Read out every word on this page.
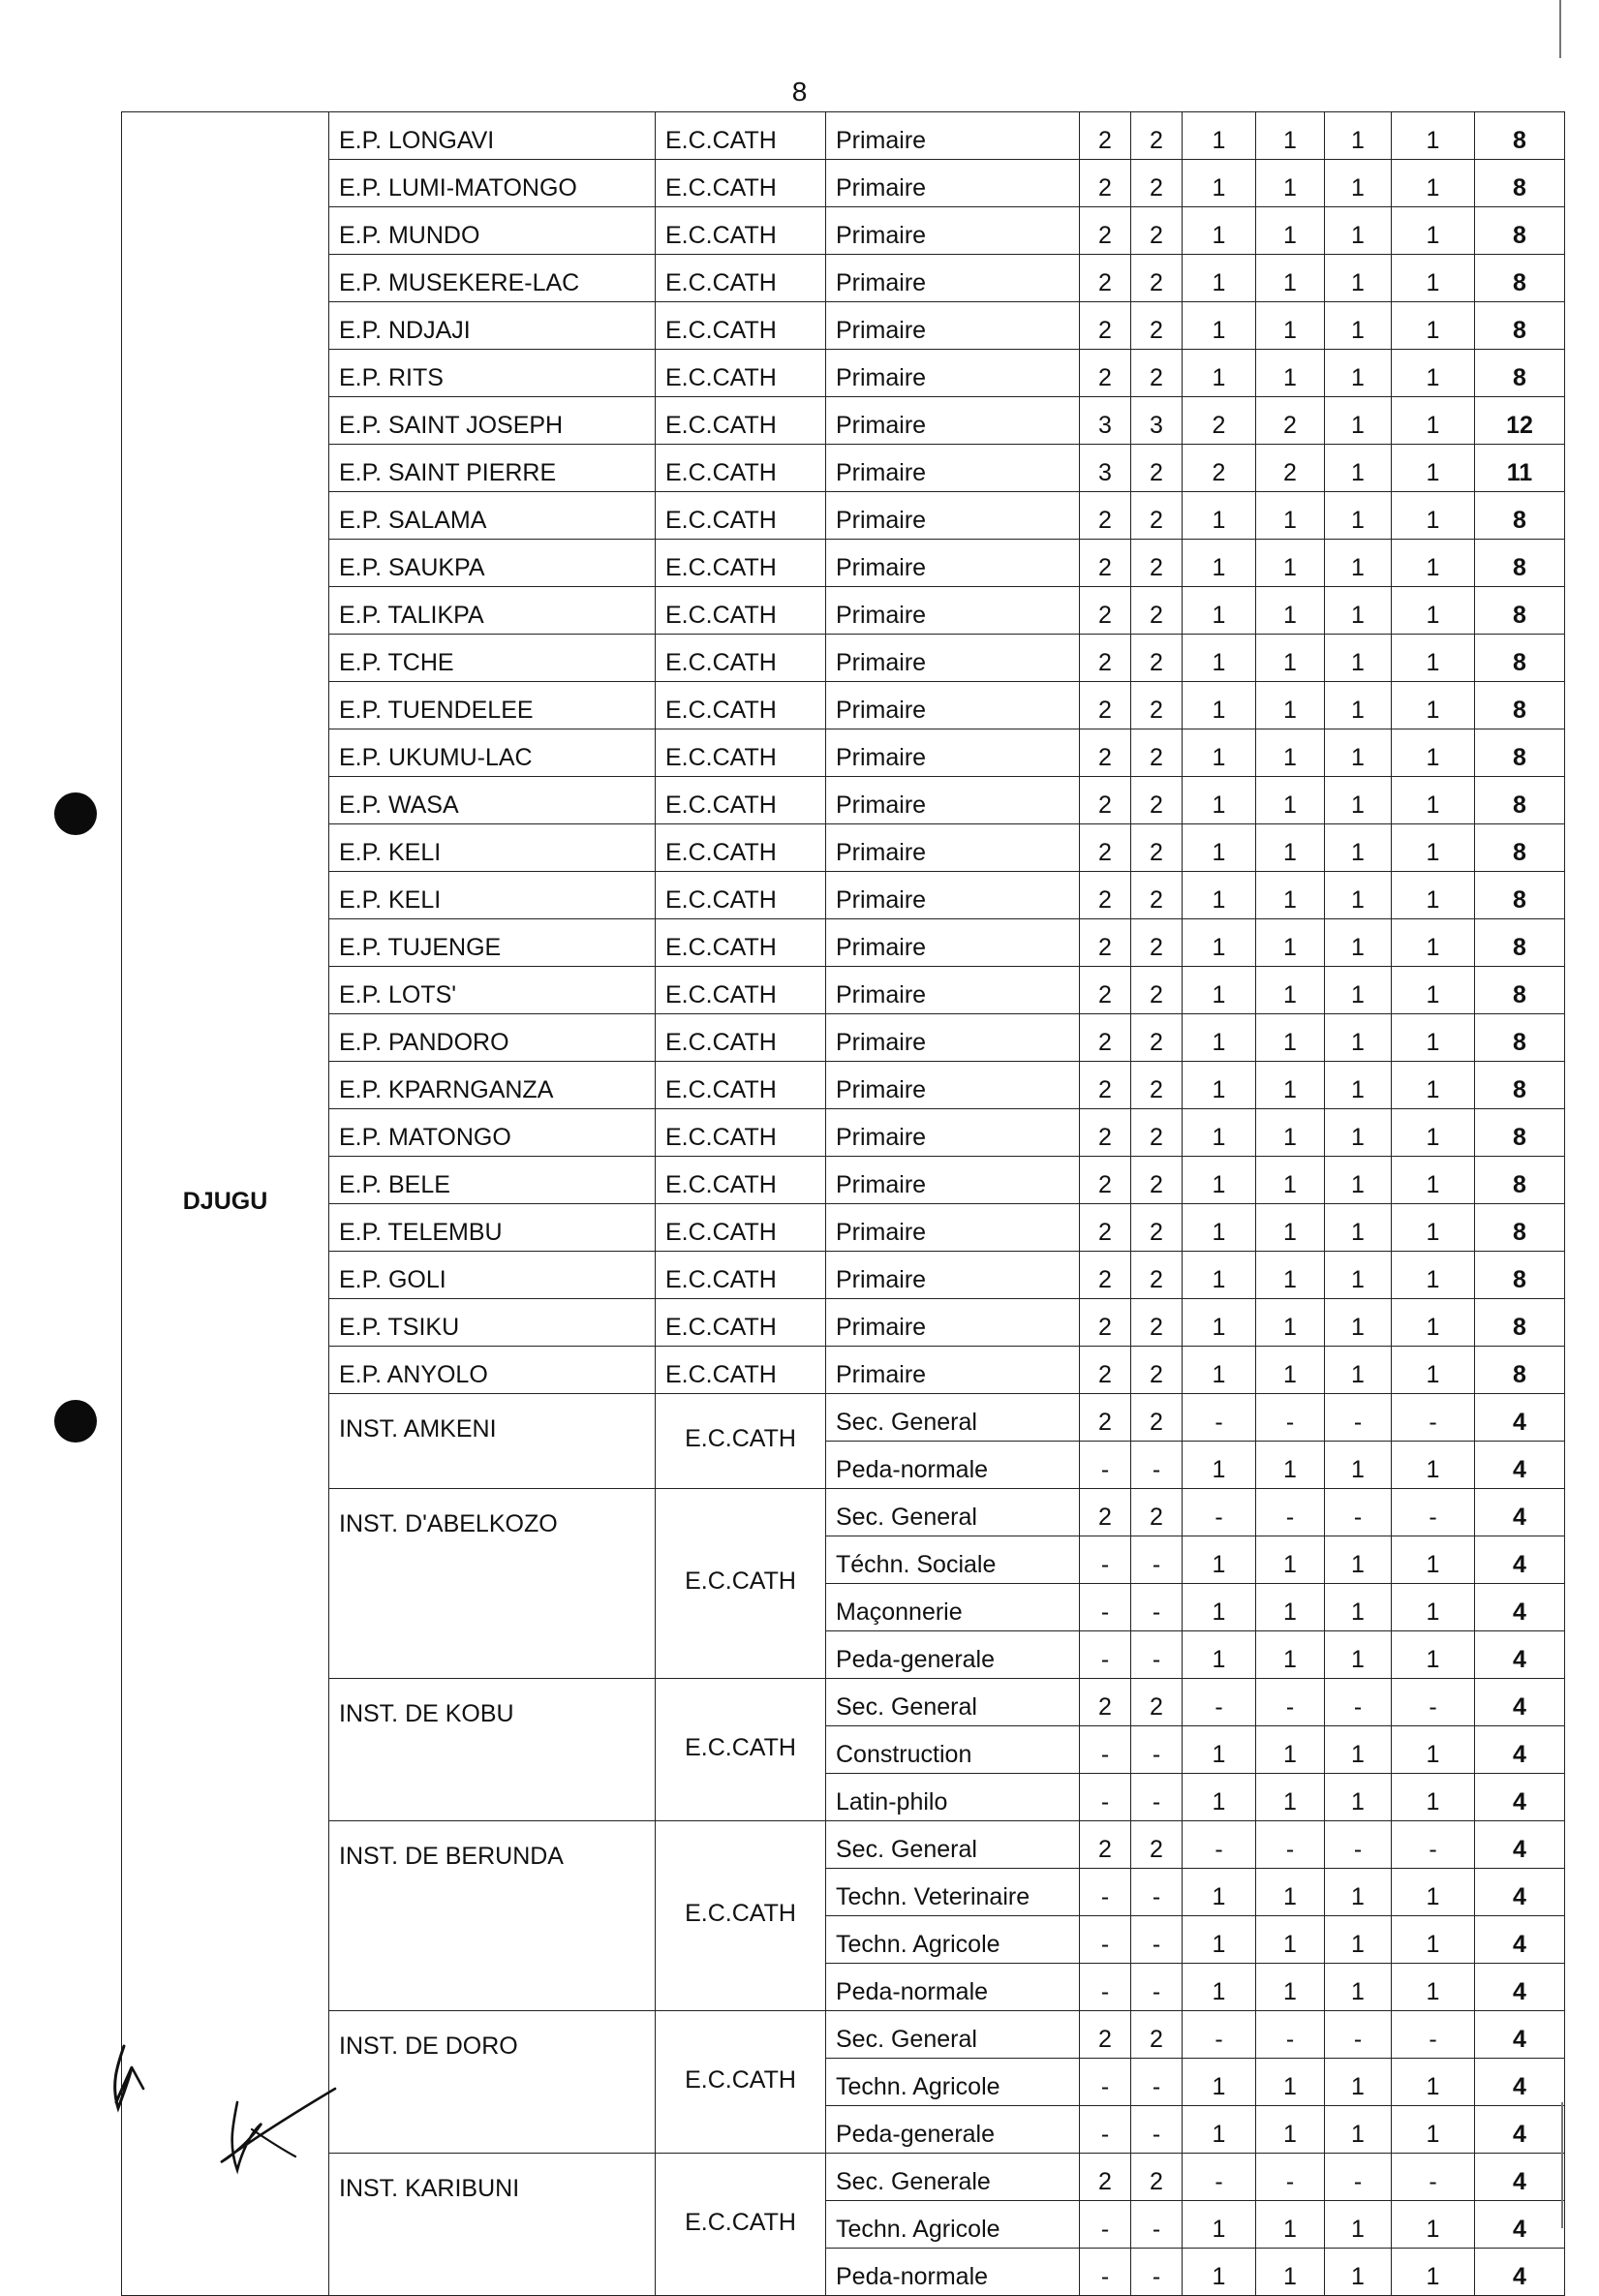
8
DJUGU	E.P. LONGAVI	E.C.CATH	Primaire	2	2	1	1	1	1	8
	E.P. LUMI-MATONGO	E.C.CATH	Primaire	2	2	1	1	1	1	8
	E.P. MUNDO	E.C.CATH	Primaire	2	2	1	1	1	1	8
	E.P. MUSEKERE-LAC	E.C.CATH	Primaire	2	2	1	1	1	1	8
	E.P. NDJAJI	E.C.CATH	Primaire	2	2	1	1	1	1	8
	E.P. RITS	E.C.CATH	Primaire	2	2	1	1	1	1	8
	E.P. SAINT JOSEPH	E.C.CATH	Primaire	3	3	2	2	1	1	12
	E.P. SAINT PIERRE	E.C.CATH	Primaire	3	2	2	2	1	1	11
	E.P. SALAMA	E.C.CATH	Primaire	2	2	1	1	1	1	8
	E.P. SAUKPA	E.C.CATH	Primaire	2	2	1	1	1	1	8
	E.P. TALIKPA	E.C.CATH	Primaire	2	2	1	1	1	1	8
	E.P. TCHE	E.C.CATH	Primaire	2	2	1	1	1	1	8
	E.P. TUENDELEE	E.C.CATH	Primaire	2	2	1	1	1	1	8
	E.P. UKUMU-LAC	E.C.CATH	Primaire	2	2	1	1	1	1	8
	E.P. WASA	E.C.CATH	Primaire	2	2	1	1	1	1	8
	E.P. KELI	E.C.CATH	Primaire	2	2	1	1	1	1	8
	E.P. KELI	E.C.CATH	Primaire	2	2	1	1	1	1	8
	E.P. TUJENGE	E.C.CATH	Primaire	2	2	1	1	1	1	8
	E.P. LOTS'	E.C.CATH	Primaire	2	2	1	1	1	1	8
	E.P. PANDORO	E.C.CATH	Primaire	2	2	1	1	1	1	8
	E.P. KPARNGANZA	E.C.CATH	Primaire	2	2	1	1	1	1	8
	E.P. MATONGO	E.C.CATH	Primaire	2	2	1	1	1	1	8
	E.P. BELE	E.C.CATH	Primaire	2	2	1	1	1	1	8
	E.P. TELEMBU	E.C.CATH	Primaire	2	2	1	1	1	1	8
	E.P. GOLI	E.C.CATH	Primaire	2	2	1	1	1	1	8
	E.P. TSIKU	E.C.CATH	Primaire	2	2	1	1	1	1	8
	E.P. ANYOLO	E.C.CATH	Primaire	2	2	1	1	1	1	8
	INST. AMKENI	E.C.CATH	Sec. General	2	2	-	-	-	-	4
			Peda-normale	-	-	1	1	1	1	4
	INST. D'ABELKOZO	E.C.CATH	Sec. General	2	2	-	-	-	-	4
			Téchn. Sociale	-	-	1	1	1	1	4
			Maçonnerie	-	-	1	1	1	1	4
			Peda-generale	-	-	1	1	1	1	4
	INST. DE KOBU	E.C.CATH	Sec. General	2	2	-	-	-	-	4
			Construction	-	-	1	1	1	1	4
			Latin-philo	-	-	1	1	1	1	4
	INST. DE BERUNDA	E.C.CATH	Sec. General	2	2	-	-	-	-	4
			Techn. Veterinaire	-	-	1	1	1	1	4
			Techn. Agricole	-	-	1	1	1	1	4
			Peda-normale	-	-	1	1	1	1	4
	INST. DE DORO	E.C.CATH	Sec. General	2	2	-	-	-	-	4
			Techn. Agricole	-	-	1	1	1	1	4
			Peda-generale	-	-	1	1	1	1	4
	INST. KARIBUNI	E.C.CATH	Sec. Generale	2	2	-	-	-	-	4
			Techn. Agricole	-	-	1	1	1	1	4
			Peda-normale	-	-	1	1	1	1	4
